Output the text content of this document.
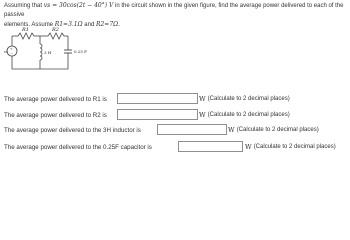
Assuming that vs = 30cos(2t − 40°) V in the circuit shown in the given figure, find the average power delivered to each of the passive
elements. Assume R1=3.1Ω and R2=7Ω.
+
−
R1	R2
3 H	0.25 F
vs
The average power delivered to R1 is	W (Calculate to 2 decimal places)
The average power delivered to R2 is	W (Calculate to 2 decimal places)
The average power delivered to the 3H inductor is	W (Calculate to 2 decimal places)
The average power delivered to the 0.25F capacitor is	W (Calculate to 2 decimal places)
